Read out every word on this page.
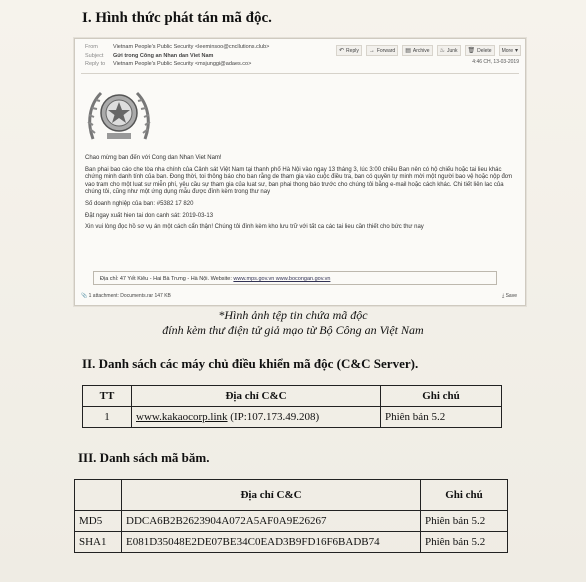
I. Hình thức phát tán mã độc.
From	Vietnam People's Public Security <leeminsoo@cncllutions.club>
Subject Gửi trong Công an Nhan dan Viet Nam
Reply to Vietnam People's Public Security <msjunggi@adaes.co>
↶ Reply → Forward ▤ Archive ♨ Junk 🗑 Delete More ▾
4:46 CH, 13-03-2019

Chao mừng ban đến với Cong dan Nhan Viet Nam!

Ban phai bao cáo che tòa nha chính của Cảnh sát Việt Nam tại thanh phố Hà Nội vào ngay 13 tháng 3, lúc 3:00 chiều Ban nên có hộ chiếu hoặc tai lieu khác chứng minh danh tính của ban. Đong thời, toi thông báo cho ban rằng de tham gia vào cuộc điều tra, ban có quyền tự minh mời một người bao vệ hoặc nộp đơn vao tram cho một luat sư miễn phí, yêu cầu sự tham gia của luat sư, ban phai thong báo trước cho chúng tôi bằng e-mail hoặc cách khác. Chi tiết liên lac của chúng tôi, cũng như một ứng dụng mẫu được đính kèm trong thư nay

Số doanh nghiệp của ban: #5382 17 820

Đặt ngay xuất hien tai don canh sát: 2019-03-13

Xin vui lòng đọc hồ sơ vụ án một cách cẩn thận! Chúng tôi đính kèm kho lưu trữ với tất ca các tai lieu cần thiết cho bức thư nay

Địa chỉ: 47 Yết Kiêu - Hai Bà Trưng - Hà Nội. Website: www.mps.gov.vn www.bocongan.gov.vn
📎 1 attachment: Documents.rar 147 KB	⤓ Save
*Hình ảnh tệp tin chứa mã độc
đính kèm thư điện tử giả mạo từ Bộ Công an Việt Nam
II. Danh sách các máy chủ điều khiển mã độc (C&C Server).
TT	Địa chỉ C&C	Ghi chú
1	www.kakaocorp.link (IP:107.173.49.208)	Phiên bản 5.2
III. Danh sách mã băm.
	Địa chỉ C&C	Ghi chú
MD5	DDCA6B2B2623904A072A5AF0A9E26267	Phiên bản 5.2
SHA1	E081D35048E2DE07BE34C0EAD3B9FD16F6BADB74	Phiên bản 5.2
